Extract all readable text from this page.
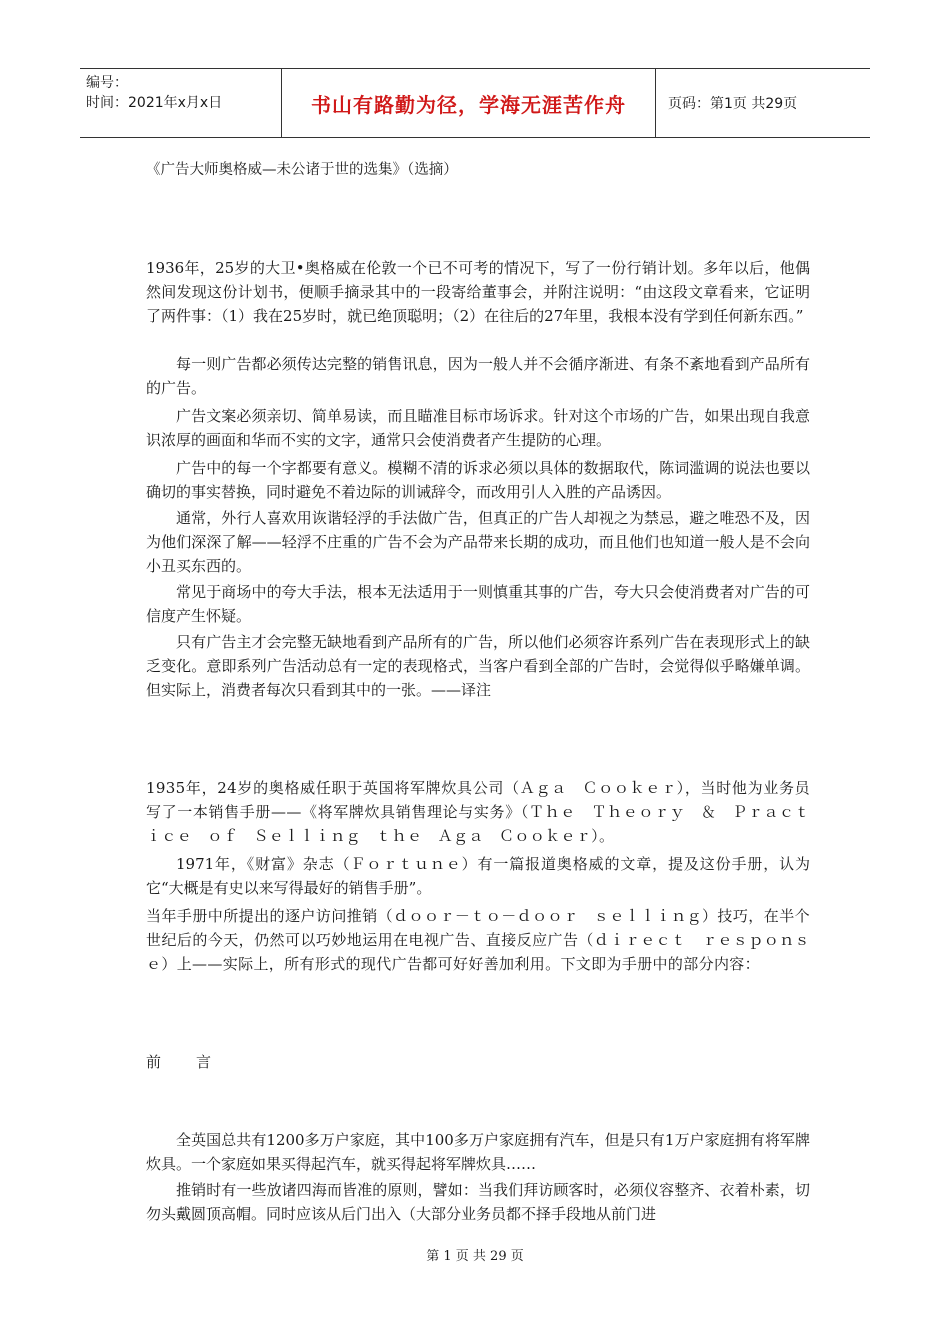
编号：
时间：2021年x月x日	书山有路勤为径，学海无涯苦作舟	页码：第1页 共29页
《广告大师奥格威—未公诸于世的选集》（选摘）

1936年，25岁的大卫•奥格威在伦敦一个已不可考的情况下，写了一份行销计划。多年以后，他偶然间发现这份计划书，便顺手摘录其中的一段寄给董事会，并附注说明：“由这段文章看来，它证明了两件事：（1）我在25岁时，就已绝顶聪明；（2）在往后的27年里，我根本没有学到任何新东西。”

每一则广告都必须传达完整的销售讯息，因为一般人并不会循序渐进、有条不紊地看到产品所有的广告。

广告文案必须亲切、简单易读，而且瞄准目标市场诉求。针对这个市场的广告，如果出现自我意识浓厚的画面和华而不实的文字，通常只会使消费者产生提防的心理。

广告中的每一个字都要有意义。模糊不清的诉求必须以具体的数据取代，陈词滥调的说法也要以确切的事实替换，同时避免不着边际的训诫辞令，而改用引人入胜的产品诱因。

通常，外行人喜欢用诙谐轻浮的手法做广告，但真正的广告人却视之为禁忌，避之唯恐不及，因为他们深深了解——轻浮不庄重的广告不会为产品带来长期的成功，而且他们也知道一般人是不会向小丑买东西的。

常见于商场中的夸大手法，根本无法适用于一则慎重其事的广告，夸大只会使消费者对广告的可信度产生怀疑。

只有广告主才会完整无缺地看到产品所有的广告，所以他们必须容许系列广告在表现形式上的缺乏变化。意即系列广告活动总有一定的表现格式，当客户看到全部的广告时，会觉得似乎略嫌单调。但实际上，消费者每次只看到其中的一张。——译注

1935年，24岁的奥格威任职于英国将军牌炊具公司（Ａｇａ　Ｃｏｏｋｅｒ），当时他为业务员写了一本销售手册——《将军牌炊具销售理论与实务》（Ｔｈｅ　Ｔｈｅｏｒｙ　＆　Ｐｒａｃｔｉｃｅ　ｏｆ　Ｓｅｌｌｉｎｇ　ｔｈｅ　Ａｇａ　Ｃｏｏｋｅｒ）。

1971年，《财富》杂志（Ｆｏｒｔｕｎｅ）有一篇报道奥格威的文章，提及这份手册，认为它“大概是有史以来写得最好的销售手册”。

当年手册中所提出的逐户访问推销（ｄｏｏｒ－ｔｏ－ｄｏｏｒ　ｓｅｌｌｉｎｇ）技巧，在半个世纪后的今天，仍然可以巧妙地运用在电视广告、直接反应广告（ｄｉｒｅｃｔ　ｒｅｓｐｏｎｓｅ）上——实际上，所有形式的现代广告都可好好善加利用。下文即为手册中的部分内容：

前　言

全英国总共有1200多万户家庭，其中100多万户家庭拥有汽车，但是只有1万户家庭拥有将军牌炊具。一个家庭如果买得起汽车，就买得起将军牌炊具……

推销时有一些放诸四海而皆准的原则，譬如：当我们拜访顾客时，必须仪容整齐、衣着朴素，切勿头戴圆顶高帽。同时应该从后门出入（大部分业务员都不择手段地从前门进

第 1 页 共 29 页
